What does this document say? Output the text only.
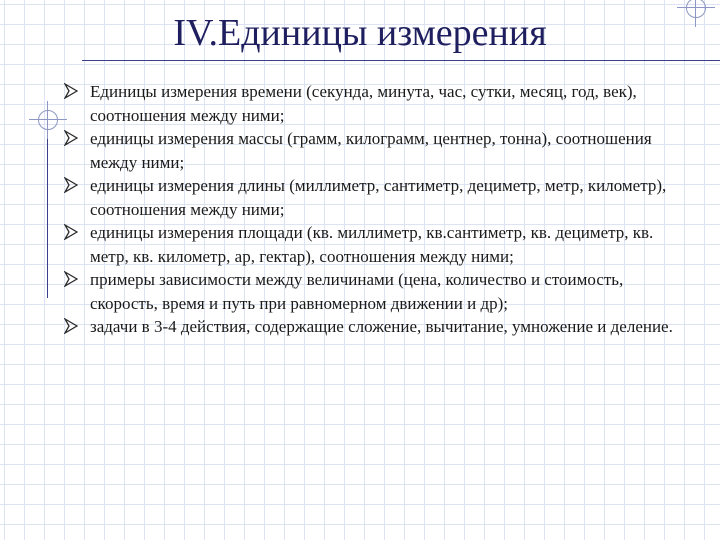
IV.Единицы измерения
Единицы измерения времени (секунда, минута, час, сутки, месяц, год, век), соотношения между ними;
единицы измерения массы (грамм, килограмм, центнер, тонна), соотношения между ними;
единицы измерения длины (миллиметр, сантиметр, дециметр, метр, километр), соотношения между ними;
единицы измерения площади (кв. миллиметр, кв.сантиметр, кв. дециметр, кв. метр, кв. километр, ар, гектар), соотношения между ними;
примеры зависимости между величинами (цена, количество и стоимость, скорость, время и путь при равномерном движении и др);
задачи в 3-4 действия, содержащие сложение, вычитание, умножение и деление.
